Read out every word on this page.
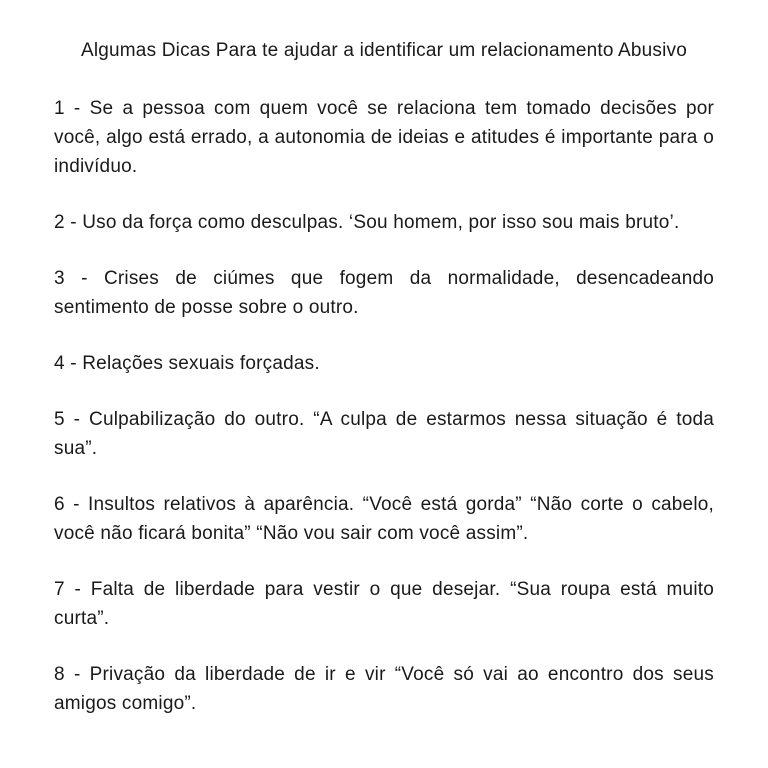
Algumas Dicas Para te ajudar a identificar um relacionamento Abusivo

1 - Se a pessoa com quem você se relaciona tem tomado decisões por você, algo está errado, a autonomia de ideias e atitudes é importante para o indivíduo.

2 - Uso da força como desculpas. ‘Sou homem, por isso sou mais bruto’.

3 - Crises de ciúmes que fogem da normalidade, desencadeando sentimento de posse sobre o outro.

4 - Relações sexuais forçadas.

5 - Culpabilização do outro. “A culpa de estarmos nessa situação é toda sua”.

6 - Insultos relativos à aparência. “Você está gorda” “Não corte o cabelo, você não ficará bonita” “Não vou sair com você assim”.

7 - Falta de liberdade para vestir o que desejar. “Sua roupa está muito curta”.

8 - Privação da liberdade de ir e vir “Você só vai ao encontro dos seus amigos comigo”.
